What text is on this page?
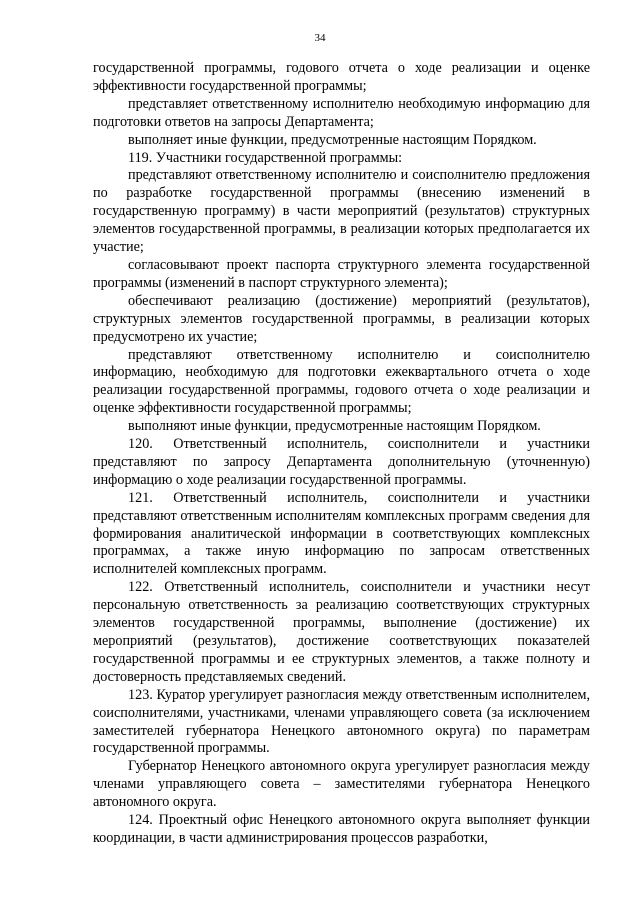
34

государственной программы, годового отчета о ходе реализации и оценке эффективности государственной программы;

представляет ответственному исполнителю необходимую информацию для подготовки ответов на запросы Департамента;

выполняет иные функции, предусмотренные настоящим Порядком.

119. Участники государственной программы:

представляют ответственному исполнителю и соисполнителю предложения по разработке государственной программы (внесению изменений в государственную программу) в части мероприятий (результатов) структурных элементов государственной программы, в реализации которых предполагается их участие;

согласовывают проект паспорта структурного элемента государственной программы (изменений в паспорт структурного элемента);

обеспечивают реализацию (достижение) мероприятий (результатов), структурных элементов государственной программы, в реализации которых предусмотрено их участие;

представляют ответственному исполнителю и соисполнителю информацию, необходимую для подготовки ежеквартального отчета о ходе реализации государственной программы, годового отчета о ходе реализации и оценке эффективности государственной программы;

выполняют иные функции, предусмотренные настоящим Порядком.

120. Ответственный исполнитель, соисполнители и участники представляют по запросу Департамента дополнительную (уточненную) информацию о ходе реализации государственной программы.

121. Ответственный исполнитель, соисполнители и участники представляют ответственным исполнителям комплексных программ сведения для формирования аналитической информации в соответствующих комплексных программах, а также иную информацию по запросам ответственных исполнителей комплексных программ.

122. Ответственный исполнитель, соисполнители и участники несут персональную ответственность за реализацию соответствующих структурных элементов государственной программы, выполнение (достижение) их мероприятий (результатов), достижение соответствующих показателей государственной программы и ее структурных элементов, а также полноту и достоверность представляемых сведений.

123. Куратор урегулирует разногласия между ответственным исполнителем, соисполнителями, участниками, членами управляющего совета (за исключением заместителей губернатора Ненецкого автономного округа) по параметрам государственной программы.

Губернатор Ненецкого автономного округа урегулирует разногласия между членами управляющего совета – заместителями губернатора Ненецкого автономного округа.

124. Проектный офис Ненецкого автономного округа выполняет функции координации, в части администрирования процессов разработки,
